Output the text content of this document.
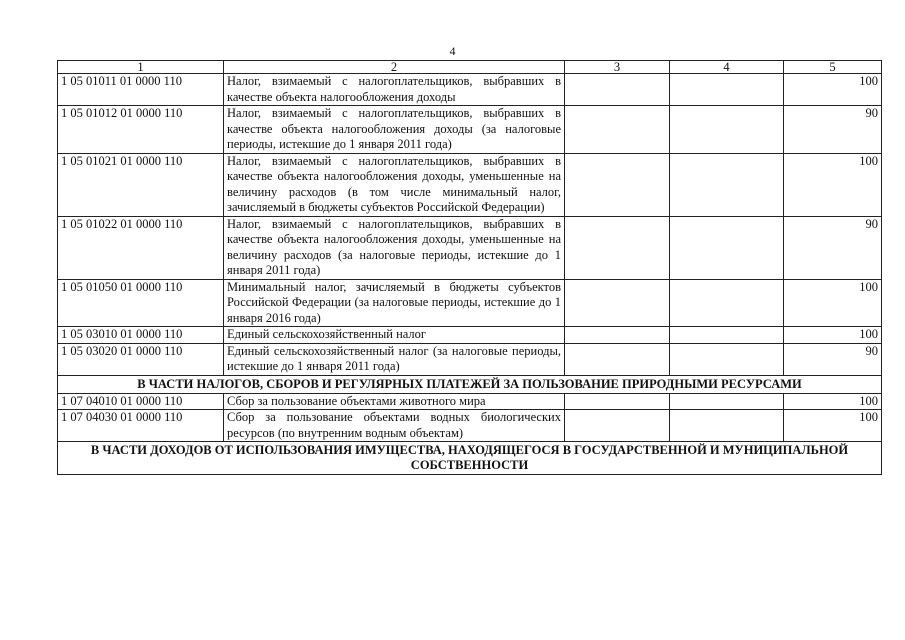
4
1	2	3	4	5
1 05 01011 01 0000 110	Налог, взимаемый с налогоплательщиков, выбравших в качестве объекта налогообложения доходы			100
1 05 01012 01 0000 110	Налог, взимаемый с налогоплательщиков, выбравших в качестве объекта налогообложения доходы (за налоговые периоды, истекшие до 1 января 2011 года)			90
1 05 01021 01 0000 110	Налог, взимаемый с налогоплательщиков, выбравших в качестве объекта налогообложения доходы, уменьшенные на величину расходов (в том числе минимальный налог, зачисляемый в бюджеты субъектов Российской Федерации)			100
1 05 01022 01 0000 110	Налог, взимаемый с налогоплательщиков, выбравших в качестве объекта налогообложения доходы, уменьшенные на величину расходов (за налоговые периоды, истекшие до 1 января 2011 года)			90
1 05 01050 01 0000 110	Минимальный налог, зачисляемый в бюджеты субъектов Российской Федерации (за налоговые периоды, истекшие до 1 января 2016 года)			100
1 05 03010 01 0000 110	Единый сельскохозяйственный налог			100
1 05 03020 01 0000 110	Единый сельскохозяйственный налог (за налоговые периоды, истекшие до 1 января 2011 года)			90
В ЧАСТИ НАЛОГОВ, СБОРОВ И РЕГУЛЯРНЫХ ПЛАТЕЖЕЙ ЗА ПОЛЬЗОВАНИЕ ПРИРОДНЫМИ РЕСУРСАМИ				
1 07 04010 01 0000 110	Сбор за пользование объектами животного мира			100
1 07 04030 01 0000 110	Сбор за пользование объектами водных биологических ресурсов (по внутренним водным объектам)			100
В ЧАСТИ ДОХОДОВ ОТ ИСПОЛЬЗОВАНИЯ ИМУЩЕСТВА, НАХОДЯЩЕГОСЯ В ГОСУДАРСТВЕННОЙ И МУНИЦИПАЛЬНОЙ СОБСТВЕННОСТИ				
